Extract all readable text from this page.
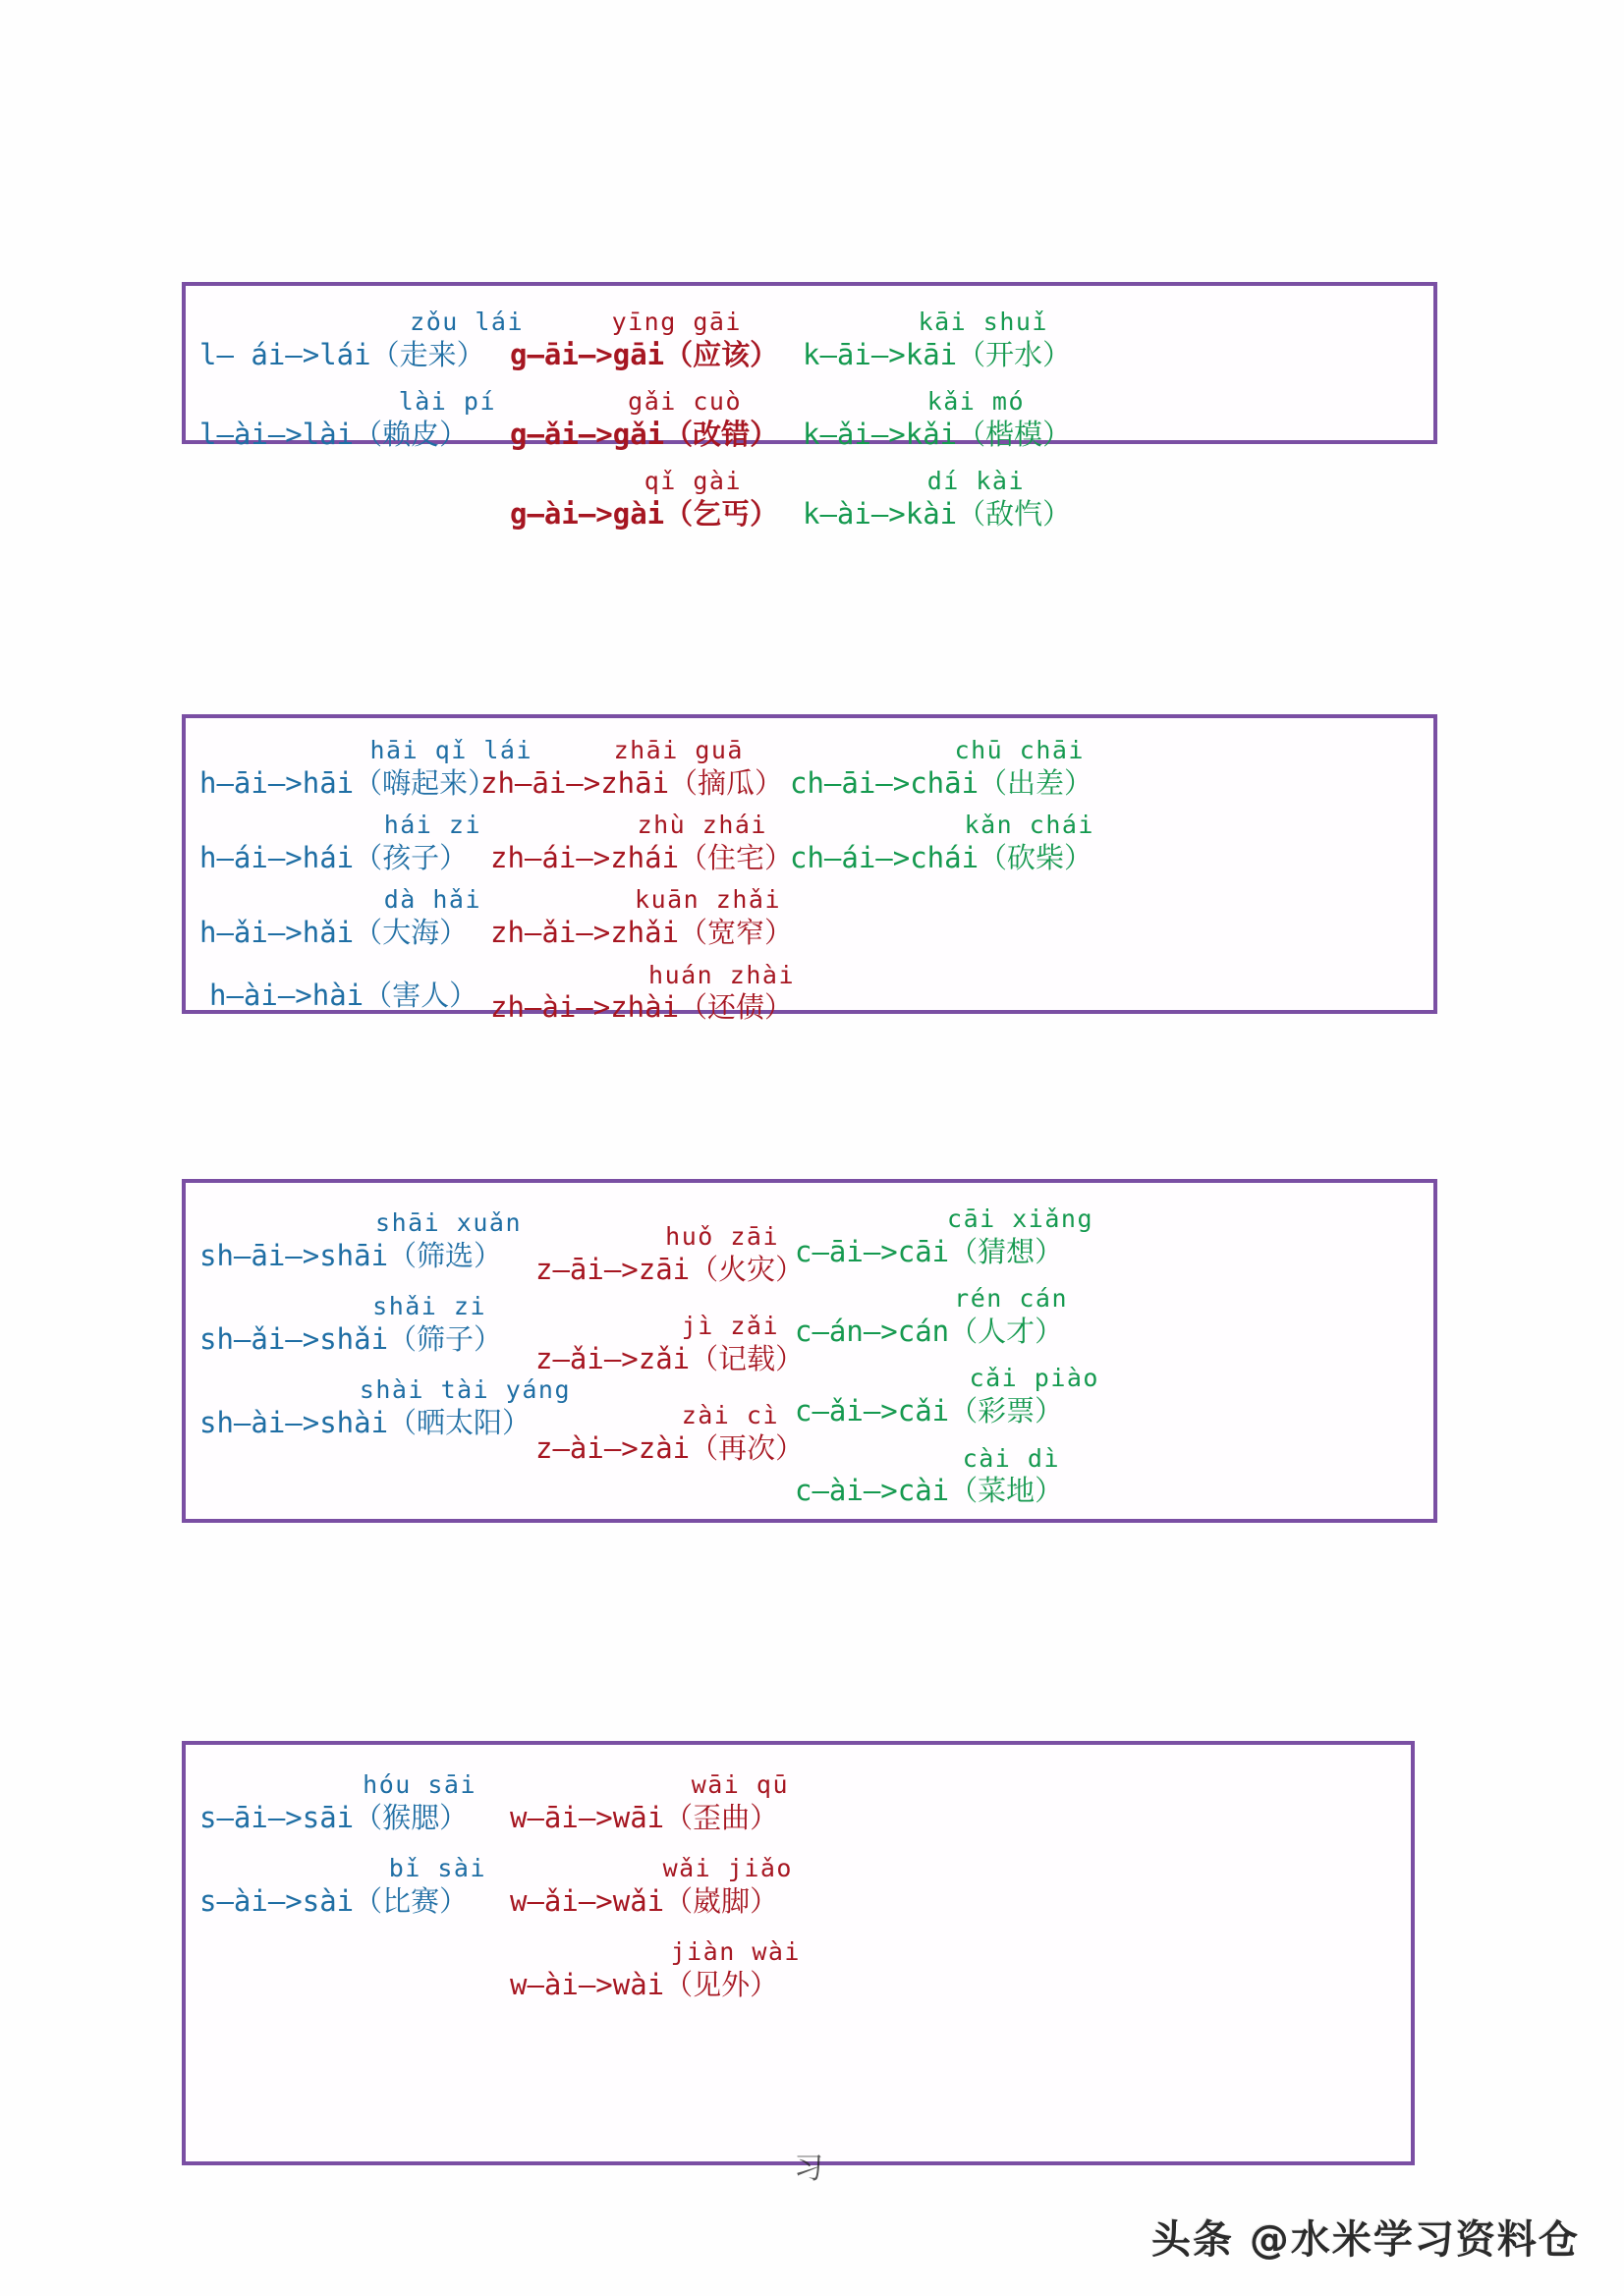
zǒu lái
l— ái—>lái（走来）
lài pí
l—ài—>lài（赖皮）
yīng gāi
g—āi—>gāi（应该）
gǎi cuò
g—ǎi—>gǎi（改错）
qǐ gài
g—ài—>gài（乞丐）
kāi shuǐ
k—āi—>kāi（开水）
kǎi mó
k—ǎi—>kǎi（楷模）
dí kài
k—ài—>kài（敌忾）
hāi qǐ lái
h—āi—>hāi（嗨起来）
hái zi
h—ái—>hái（孩子）
dà hǎi
h—ǎi—>hǎi（大海）
h—ài—>hài（害人）
zhāi guā
zh—āi—>zhāi（摘瓜）
zhù zhái
zh—ái—>zhái（住宅）
kuān zhǎi
zh—ǎi—>zhǎi（宽窄）
huán zhài
zh—ài—>zhài（还债）
chū chāi
ch—āi—>chāi（出差）
kǎn chái
ch—ái—>chái（砍柴）
shāi xuǎn
sh—āi—>shāi（筛选）
shǎi zi
sh—ǎi—>shǎi（筛子）
shài tài yáng
sh—ài—>shài（晒太阳）
huǒ zāi
z—āi—>zāi（火灾）
jì zǎi
z—ǎi—>zǎi（记载）
zài cì
z—ài—>zài（再次）
cāi xiǎng
c—āi—>cāi（猜想）
rén cán
c—án—>cán（人才）
cǎi piào
c—ǎi—>cǎi（彩票）
cài dì
c—ài—>cài（菜地）
hóu sāi
s—āi—>sāi（猴腮）
bǐ sài
s—ài—>sài（比赛）
wāi qū
w—āi—>wāi（歪曲）
wǎi jiǎo
w—ǎi—>wǎi（崴脚）
jiàn wài
w—ài—>wài（见外）
习
头条 @水米学习资料仓
